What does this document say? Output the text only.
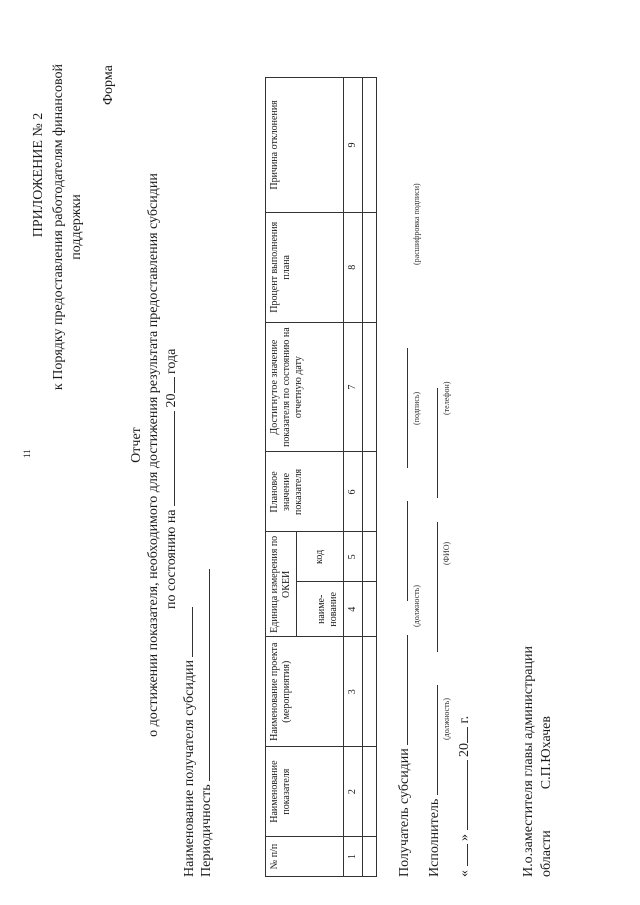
11
ПРИЛОЖЕНИЕ № 2 к Порядку предоставления работодателям финансовой поддержки
Форма
Отчет о достижении показателя, необходимого для достижения результата предоставления субсидии по состоянию на  20 года
Наименование получателя субсидии Периодичность	№ п/п	Наименование показателя	Наименование проекта (мероприятия)	Единица измерения по ОКЕИ		Плановое значение показателя	Достигнутое значение показателя по состоянию на отчетную дату	Процент выполнения плана	Причина отклонения
			наиме-нование	код				
1	2	3	4	5	6	7	8	9

Получатель субсидии
(должность)
(подпись)
(расшифровка подписи)
Исполнитель
(должность)
(ФИО)
(телефон)
«  »  20 г.	И.о.заместителя главы администрации области  С.П.Юхачев
